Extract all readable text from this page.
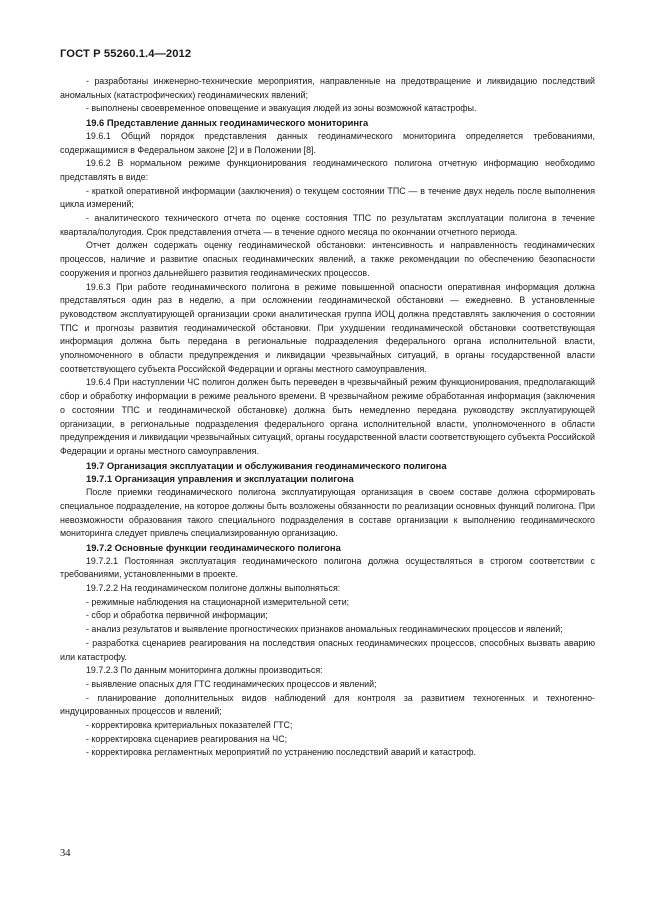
ГОСТ Р 55260.1.4—2012

- разработаны инженерно-технические мероприятия, направленные на предотвращение и ликвидацию последствий аномальных (катастрофических) геодинамических явлений;

- выполнены своевременное оповещение и эвакуация людей из зоны возможной катастрофы.

19.6 Представление данных геодинамического мониторинга

19.6.1 Общий порядок представления данных геодинамического мониторинга определяется требованиями, содержащимися в Федеральном законе [2] и в Положении [8].

19.6.2 В нормальном режиме функционирования геодинамического полигона отчетную информацию необходимо представлять в виде:

- краткой оперативной информации (заключения) о текущем состоянии ТПС — в течение двух недель после выполнения цикла измерений;

- аналитического технического отчета по оценке состояния ТПС по результатам эксплуатации полигона в течение квартала/полугодия. Срок представления отчета — в течение одного месяца по окончании отчетного периода.

Отчет должен содержать оценку геодинамической обстановки: интенсивность и направленность геодинамических процессов, наличие и развитие опасных геодинамических явлений, а также рекомендации по обеспечению безопасности сооружения и прогноз дальнейшего развития геодинамических процессов.

19.6.3 При работе геодинамического полигона в режиме повышенной опасности оперативная информация должна представляться один раз в неделю, а при осложнении геодинамической обстановки — ежедневно. В установленные руководством эксплуатирующей организации сроки аналитическая группа ИОЦ должна представлять заключения о состоянии ТПС и прогнозы развития геодинамической обстановки. При ухудшении геодинамической обстановки соответствующая информация должна быть передана в региональные подразделения федерального органа исполнительной власти, уполномоченного в области предупреждения и ликвидации чрезвычайных ситуаций, в органы государственной власти соответствующего субъекта Российской Федерации и органы местного самоуправления.

19.6.4 При наступлении ЧС полигон должен быть переведен в чрезвычайный режим функционирования, предполагающий сбор и обработку информации в режиме реального времени. В чрезвычайном режиме обработанная информация (заключения о состоянии ТПС и геодинамической обстановке) должна быть немедленно передана руководству эксплуатирующей организации, в региональные подразделения федерального органа исполнительной власти, уполномоченного в области предупреждения и ликвидации чрезвычайных ситуаций, органы государственной власти соответствующего субъекта Российской Федерации и органы местного самоуправления.

19.7 Организация эксплуатации и обслуживания геодинамического полигона

19.7.1 Организация управления и эксплуатации полигона

После приемки геодинамического полигона эксплуатирующая организация в своем составе должна сформировать специальное подразделение, на которое должны быть возложены обязанности по реализации основных функций полигона. При невозможности образования такого специального подразделения в составе организации к выполнению геодинамического мониторинга следует привлечь специализированную организацию.

19.7.2 Основные функции геодинамического полигона

19.7.2.1 Постоянная эксплуатация геодинамического полигона должна осуществляться в строгом соответствии с требованиями, установленными в проекте.

19.7.2.2 На геодинамическом полигоне должны выполняться:

- режимные наблюдения на стационарной измерительной сети;

- сбор и обработка первичной информации;

- анализ результатов и выявление прогностических признаков аномальных геодинамических процессов и явлений;

- разработка сценариев реагирования на последствия опасных геодинамических процессов, способных вызвать аварию или катастрофу.

19.7.2.3 По данным мониторинга должны производиться:

- выявление опасных для ГТС геодинамических процессов и явлений;

- планирование дополнительных видов наблюдений для контроля за развитием техногенных и техногенно-индуцированных процессов и явлений;

- корректировка критериальных показателей ГТС;

- корректировка сценариев реагирования на ЧС;

- корректировка регламентных мероприятий по устранению последствий аварий и катастроф.

34
